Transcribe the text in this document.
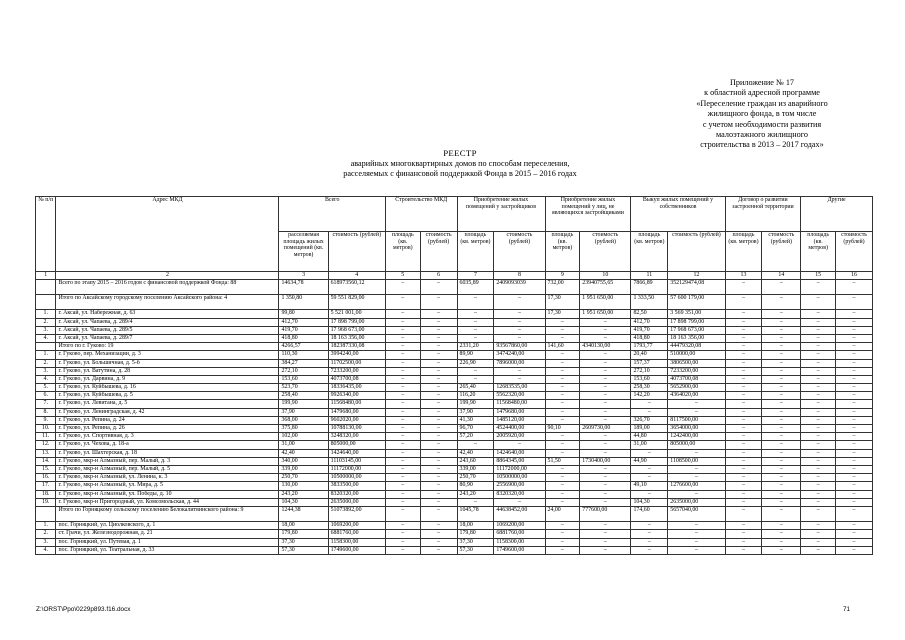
Приложение № 17
к областной адресной программе
«Переселение граждан из аварийного
жилищного фонда, в том числе
с учетом необходимости развития
малоэтажного жилищного
строительства в 2013 – 2017 годах»
РЕЕСТР
аварийных многоквартирных домов по способам переселения,
расселяемых с финансовой поддержкой Фонда в 2015 – 2016 годах
№ п/п	Адрес МКД	Всего		Строительство МКД		Приобретение жилых помещений у застройщиков		Приобретение жилых помещений у лиц, не являющихся застройщиками		Выкуп жилых помещений у собственников		Договор о развитии застроенной территории		Другие	
		расселяемая площадь жилых помещений (кв. метров)	стоимость (рублей)	площадь (кв. метров)	стоимость (рублей)	площадь (кв. метров)	стоимость (рублей)	площадь (кв. метров)	стоимость (рублей)	площадь (кв. метров)	стоимость (рублей)	площадь (кв. метров)	стоимость (рублей)	площадь (кв. метров)	стоимость (рублей)
1	2	3	4	5	6	7	8	9	10	11	12	13	14	15	16
	Всего по этапу 2015 – 2016 годов с финансовой поддержкой Фонда: 88	14634,78	618973560,12	–	–	6035,89	2409093039	732,00	23940755,65	7866,89	352129474,08	–	–	–	–
	Итого по Аксайскому городскому поселению Аксайского района: 4	1 350,80	59 551 829,00	–	–	–	–	17,30	1 951 650,00	1 333,50	57 600 179,00	–	–	–	–
1.	г. Аксай, ул. Набережная, д. 63	99,80	5 521 001,00	–	–	–	–	17,30	1 951 650,00	82,50	3 569 351,00	–	–	–	–
2.	г. Аксай, ул. Чапаева, д. 289/4	412,70	17 898 799,00	–	–	–	–	–	–	412,70	17 898 799,00	–	–	–	–
3.	г. Аксай, ул. Чапаева, д. 289/5	419,70	17 968 673,00	–	–	–	–	–	–	419,70	17 968 673,00	–	–	–	–
4.	г. Аксай, ул. Чапаева, д. 289/7	418,80	18 163 356,00	–	–	–	–	–	–	418,80	18 163 356,00	–	–	–	–
	Итого по г. Гуково: 19	4266,57	182387330,08	–	–	2331,20	93567860,00	141,60	4340130,00	1793,77	44479320,08	–	–	–	–
1.	г. Гуково, пер. Механизации, д. 3	110,30	3994240,00	–	–	89,90	3474240,00	–	–	20,40	510000,00	–	–	–	–
2.	г. Гуково, ул. Большичная, д. 5-б	384,27	11702500,00	–	–	226,90	7896000,00	–	–	157,37	3806500,00	–	–	–	–
3.	г. Гуково, ул. Ватутина, д. 28	272,10	7233200,00	–	–	–	–	–	–	272,10	7233200,00	–	–	–	–
4.	г. Гуково, ул. Дарвина, д. 9	153,60	4073700,08	–	–	–	–	–	–	153,60	4073700,08	–	–	–	–
5.	г. Гуково, ул. Куйбышева, д. 16	523,70	18336435,00	–	–	265,40	12683535,00	–	–	258,30	5652900,00	–	–	–	–
6.	г. Гуково, ул. Куйбышева, д. 5	258,40	9926340,00	–	–	116,20	5562320,00	–	–	142,20	4364020,00	–	–	–	–
7.	г. Гуково, ул. Левитана, д. 5	199,90	11568480,00	–	–	199,90	11568480,00	–	–	–	–	–	–	–	–
8.	г. Гуково, ул. Ленинградская, д. 42	37,90	1479680,00	–	–	37,90	1479680,00	–	–	–	–	–	–	–	–
9.	г. Гуково, ул. Репина, д. 24	368,00	9602020,00	–	–	41,30	1485120,00	–	–	326,70	8117500,00	–	–	–	–
10.	г. Гуково, ул. Репина, д. 26	375,80	10788130,00	–	–	96,70	4524400,00	90,10	2609730,00	189,00	3654000,00	–	–	–	–
11.	г. Гуково, ул. Спортивная, д. 3	102,00	3248320,00	–	–	57,20	2005920,00	–	–	44,80	1242400,00	–	–	–	–
12.	г. Гуково, ул. Чехова, д. 18-а	31,00	805000,00	–	–	–	–	–	–	31,00	805000,00	–	–	–	–
13.	г. Гуково, ул. Шахтерская, д. 18	42,40	1424640,00	–	–	42,40	1424640,00	–	–	–	–	–	–	–	–
14.	г. Гуково, мкр-н Алмазный, пер. Малый, д. 3	340,00	11103145,00	–	–	243,60	8864345,00	51,50	1730400,00	44,90	1108500,00	–	–	–	–
15.	г. Гуково, мкр-н Алмазный, пер. Малый, д. 5	339,00	11172000,00	–	–	339,00	11172000,00	–	–	–	–	–	–	–	–
16.	г. Гуково, мкр-н Алмазный, ул. Ленина, к. 3	250,70	10500000,00	–	–	250,70	10500000,00	–	–	–	–	–	–	–	–
17.	г. Гуково, мкр-н Алмазный, ул. Мира, д. 5	130,00	3833500,00	–	–	80,90	2556900,00	–	–	49,10	1276600,00	–	–	–	–
18.	г. Гуково, мкр-н Алмазный, ул. Победы, д. 10	243,20	8320320,00	–	–	243,20	8320320,00	–	–	–	–	–	–	–	–
19.	г. Гуково, мкр-н Пригородный, ул. Комсомольская, д. 44	104,30	2635000,00	–	–	–	–	–	–	104,30	2635000,00	–	–	–	–
	Итого по Горняцкому сельскому поселению Белокалитвинского района: 9	1244,38	51073892,00	–	–	1045,78	44638452,00	24,00	777600,00	174,60	5657040,00	–	–	–	–
1.	пос. Горняцкий, ул. Циолковского, д. 1	18,00	1069200,00	–	–	18,00	1069200,00	–	–	–	–	–	–	–	–
2.	ст. Грачи, ул. Железнодорожная, д. 21	179,80	6881760,00	–	–	179,80	6881760,00	–	–	–	–	–	–	–	–
3.	пос. Горняцкий, ул. Путевая, д. 1	37,30	1158300,00	–	–	37,30	1158300,00	–	–	–	–	–	–	–	–
4.	пос. Горняцкий, ул. Театральная, д. 33	57,30	1749600,00	–	–	57,30	1749600,00	–	–	–	–	–	–	–	–
Z:\ORST\Ppo\0229p893.f16.docx	71
